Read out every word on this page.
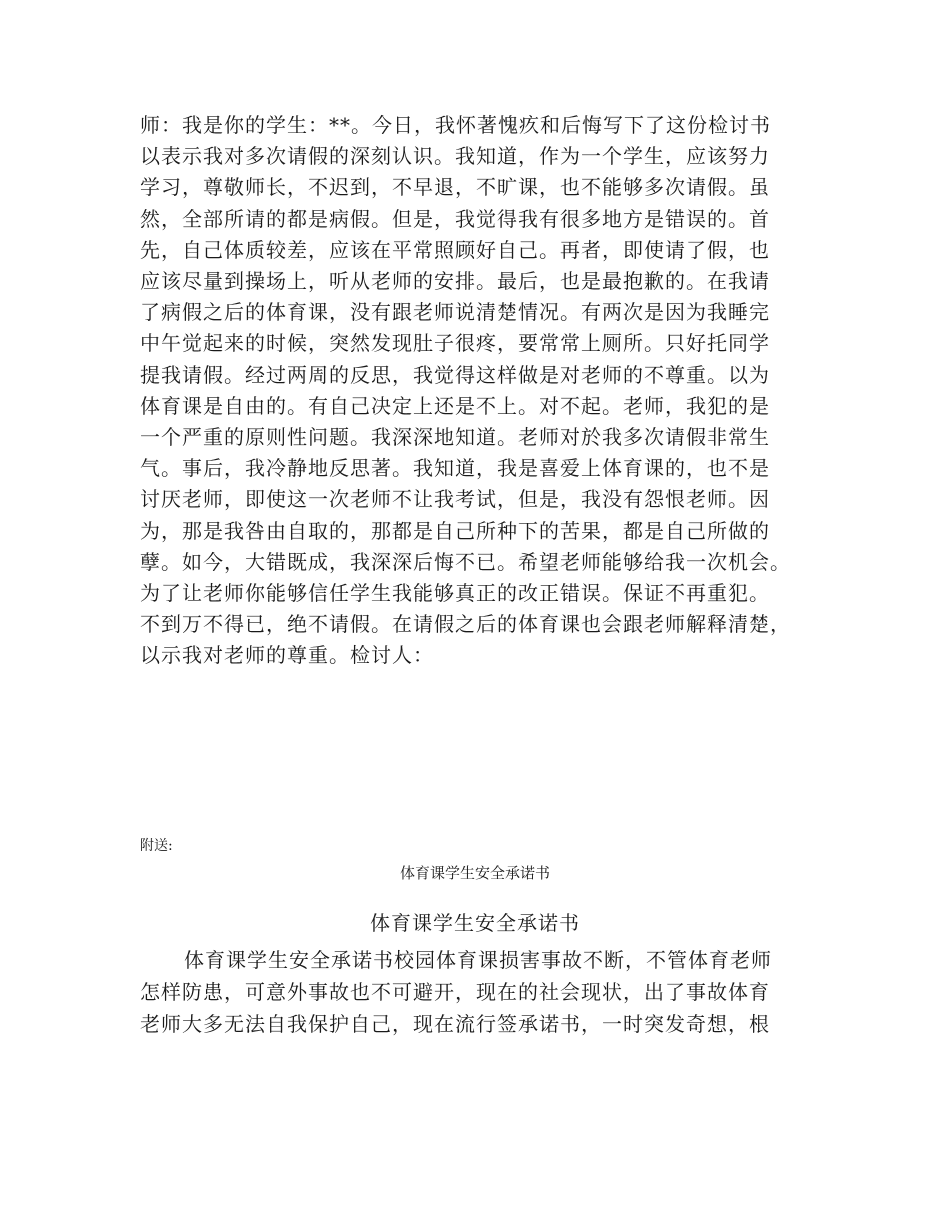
师：我是你的学生：**。今日，我怀著愧疚和后悔写下了这份检讨书
以表示我对多次请假的深刻认识。我知道，作为一个学生，应该努力
学习，尊敬师长，不迟到，不早退，不旷课，也不能够多次请假。虽
然，全部所请的都是病假。但是，我觉得我有很多地方是错误的。首
先，自己体质较差，应该在平常照顾好自己。再者，即使请了假，也
应该尽量到操场上，听从老师的安排。最后，也是最抱歉的。在我请
了病假之后的体育课，没有跟老师说清楚情况。有两次是因为我睡完
中午觉起来的时候，突然发现肚子很疼，要常常上厕所。只好托同学
提我请假。经过两周的反思，我觉得这样做是对老师的不尊重。以为
体育课是自由的。有自己决定上还是不上。对不起。老师，我犯的是
一个严重的原则性问题。我深深地知道。老师对於我多次请假非常生
气。事后，我冷静地反思著。我知道，我是喜爱上体育课的，也不是
讨厌老师，即使这一次老师不让我考试，但是，我没有怨恨老师。因
为，那是我咎由自取的，那都是自己所种下的苦果，都是自己所做的
孽。如今，大错既成，我深深后悔不已。希望老师能够给我一次机会。
为了让老师你能够信任学生我能够真正的改正错误。保证不再重犯。
不到万不得已，绝不请假。在请假之后的体育课也会跟老师解释清楚，
以示我对老师的尊重。检讨人：

附送:

体育课学生安全承诺书

体育课学生安全承诺书

体育课学生安全承诺书校园体育课损害事故不断，不管体育老师
怎样防患，可意外事故也不可避开，现在的社会现状，出了事故体育
老师大多无法自我保护自己，现在流行签承诺书，一时突发奇想，根
